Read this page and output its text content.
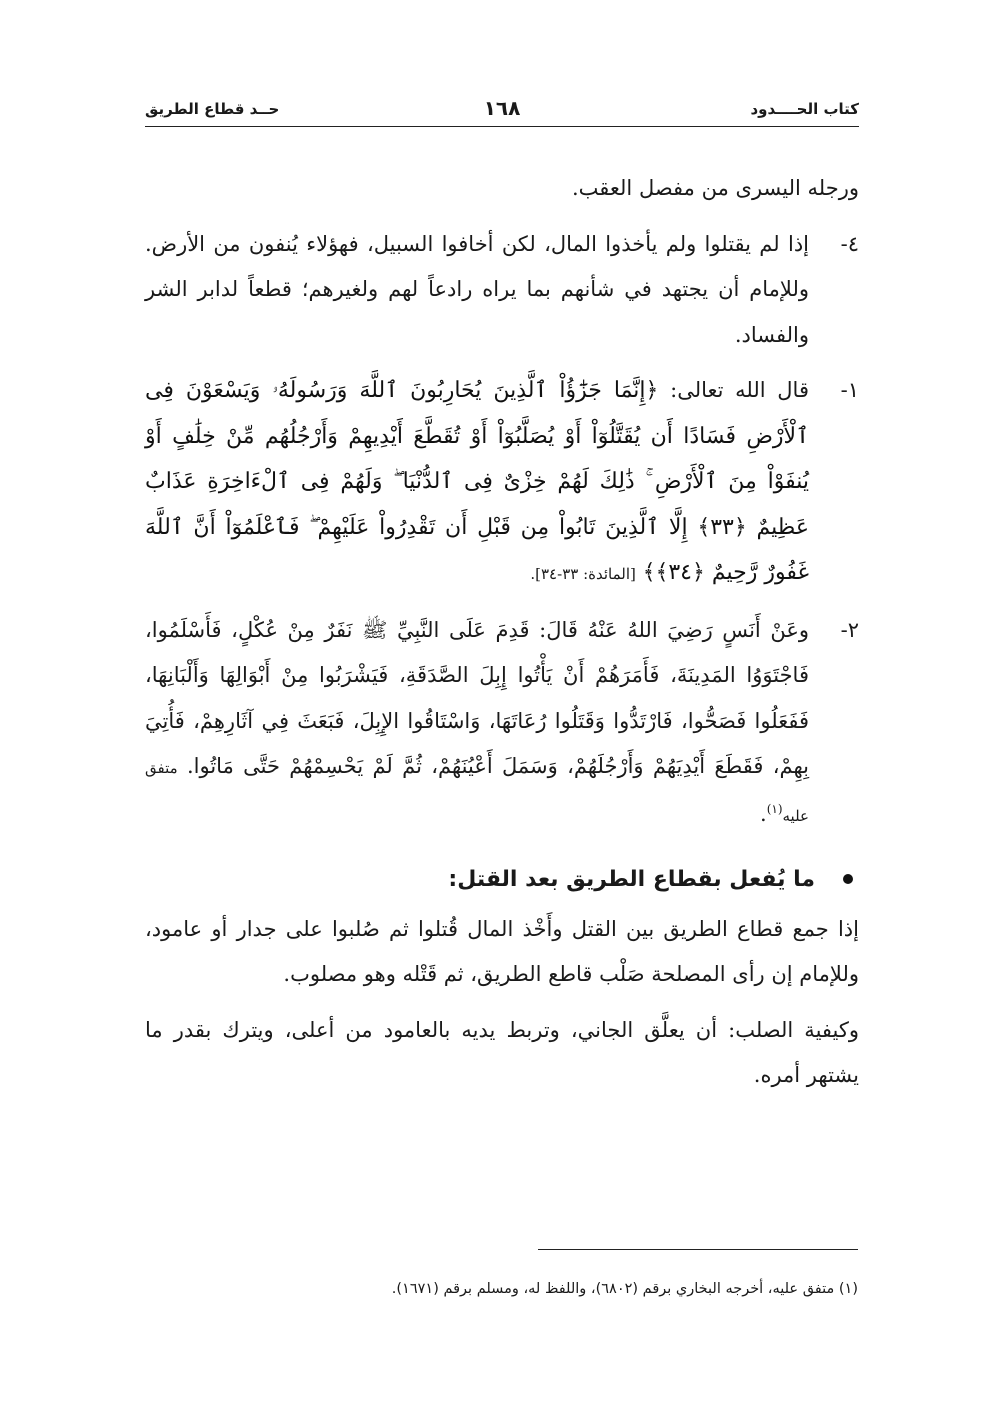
كتاب الحــــدود
١٦٨
حــد قطاع الطريق

ورجله اليسرى من مفصل العقب.

٤-
إذا لم يقتلوا ولم يأخذوا المال، لكن أخافوا السبيل، فهؤلاء يُنفون من الأرض. وللإمام أن يجتهد في شأنهم بما يراه رادعاً لهم ولغيرهم؛ قطعاً لدابر الشر والفساد.

١-
قال الله تعالى: ﴿إِنَّمَا جَزَٰٓؤُاْ ٱلَّذِينَ يُحَارِبُونَ ٱللَّهَ وَرَسُولَهُۥ وَيَسْعَوْنَ فِى ٱلْأَرْضِ فَسَادًا أَن يُقَتَّلُوٓاْ أَوْ يُصَلَّبُوٓاْ أَوْ تُقَطَّعَ أَيْدِيهِمْ وَأَرْجُلُهُم مِّنْ خِلَٰفٍ أَوْ يُنفَوْاْ مِنَ ٱلْأَرْضِ ۚ ذَٰلِكَ لَهُمْ خِزْىٌ فِى ٱلدُّنْيَا ۖ وَلَهُمْ فِى ٱلْءَاخِرَةِ عَذَابٌ عَظِيمٌ ﴿٣٣﴾ إِلَّا ٱلَّذِينَ تَابُواْ مِن قَبْلِ أَن تَقْدِرُواْ عَلَيْهِمْ ۖ فَٱعْلَمُوٓاْ أَنَّ ٱللَّهَ غَفُورٌ رَّحِيمٌ ﴿٣٤﴾﴾ [المائدة: ٣٣-٣٤].

٢-
وعَنْ أَنَسٍ رَضِيَ اللهُ عَنْهُ قَالَ: قَدِمَ عَلَى النَّبِيِّ ﷺ نَفَرٌ مِنْ عُكْلٍ، فَأَسْلَمُوا، فَاجْتَوَوُا المَدِينَةَ، فَأَمَرَهُمْ أَنْ يَأْتُوا إِبِلَ الصَّدَقَةِ، فَيَشْرَبُوا مِنْ أَبْوَالِهَا وَأَلْبَانِهَا، فَفَعَلُوا فَصَحُّوا، فَارْتَدُّوا وَقَتَلُوا رُعَاتَهَا، وَاسْتَاقُوا الإِبِلَ، فَبَعَثَ فِي آثَارِهِمْ، فَأُتِيَ بِهِمْ، فَقَطَعَ أَيْدِيَهُمْ وَأَرْجُلَهُمْ، وَسَمَلَ أَعْيُنَهُمْ، ثُمَّ لَمْ يَحْسِمْهُمْ حَتَّى مَاتُوا. متفق عليه$^{(١)}$.

ما يُفعل بقطاع الطريق بعد القتل:

إذا جمع قطاع الطريق بين القتل وأَخْذ المال قُتلوا ثم صُلبوا على جدار أو عامود، وللإمام إن رأى المصلحة صَلْب قاطع الطريق، ثم قَتْله وهو مصلوب.

وكيفية الصلب: أن يعلَّق الجاني، وتربط يديه بالعامود من أعلى، ويترك بقدر ما يشتهر أمره.

(١) متفق عليه، أخرجه البخاري برقم (٦٨٠٢)، واللفظ له، ومسلم برقم (١٦٧١).
